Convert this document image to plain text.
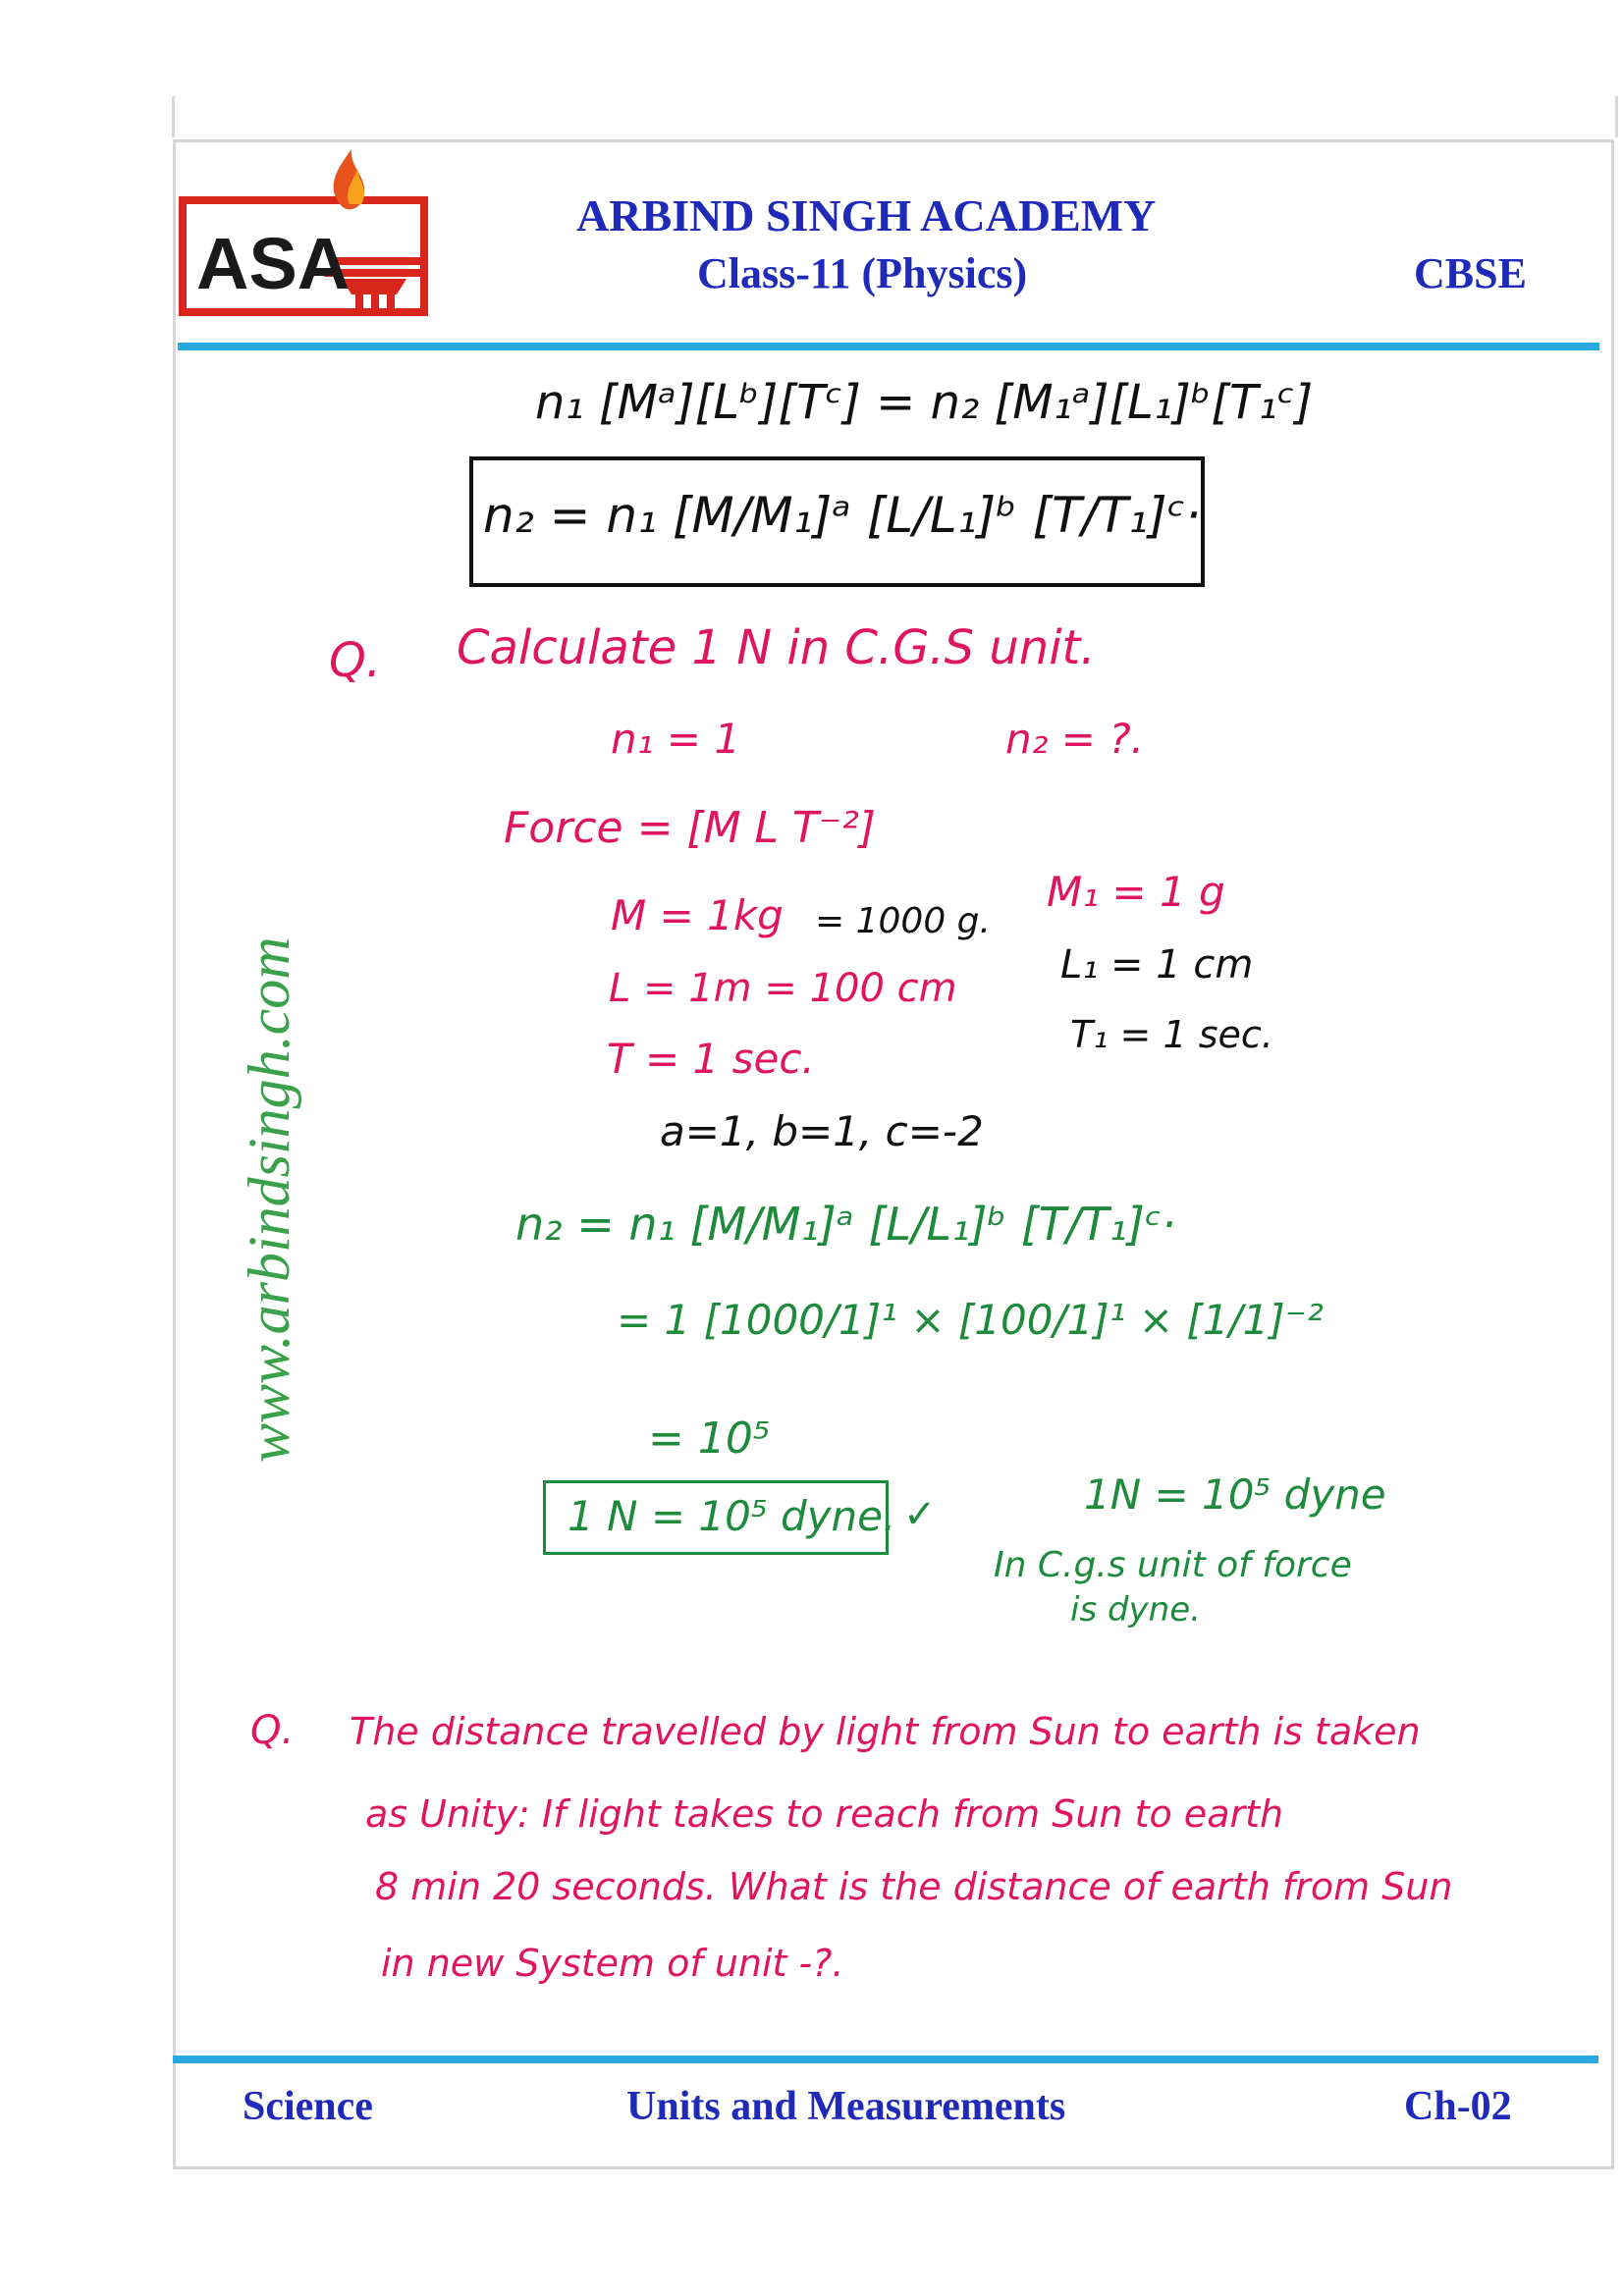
ASA
ARBIND SINGH ACADEMY
Class-11 (Physics)	CBSE
www.arbindsingh.com
n₁ [Mᵃ][Lᵇ][Tᶜ] = n₂ [M₁ᵃ][L₁]ᵇ[T₁ᶜ]
n₂ = n₁ [M/M₁]ᵃ [L/L₁]ᵇ [T/T₁]ᶜ·
Q. Calculate 1 N in C.G.S unit.
n₁ = 1	n₂ = ?.
Force = [M L T⁻²]
M = 1kg = 1000 g.
L = 1m = 100 cm
T = 1 sec.
M₁ = 1 g
L₁ = 1 cm
T₁ = 1 sec.
a=1, b=1, c=-2
n₂ = n₁ [M/M₁]ᵃ [L/L₁]ᵇ [T/T₁]ᶜ·
= 1 [1000/1]¹ × [100/1]¹ × [1/1]⁻²
= 10⁵
1 N = 10⁵ dyne. ✓	1N = 10⁵ dyne
In C.g.s unit of force
is dyne.
Q. The distance travelled by light from Sun to earth is taken
as Unity: If light takes to reach from Sun to earth
8 min 20 seconds. What is the distance of earth from Sun
in new System of unit -?.
Science	Units and Measurements	Ch-02
